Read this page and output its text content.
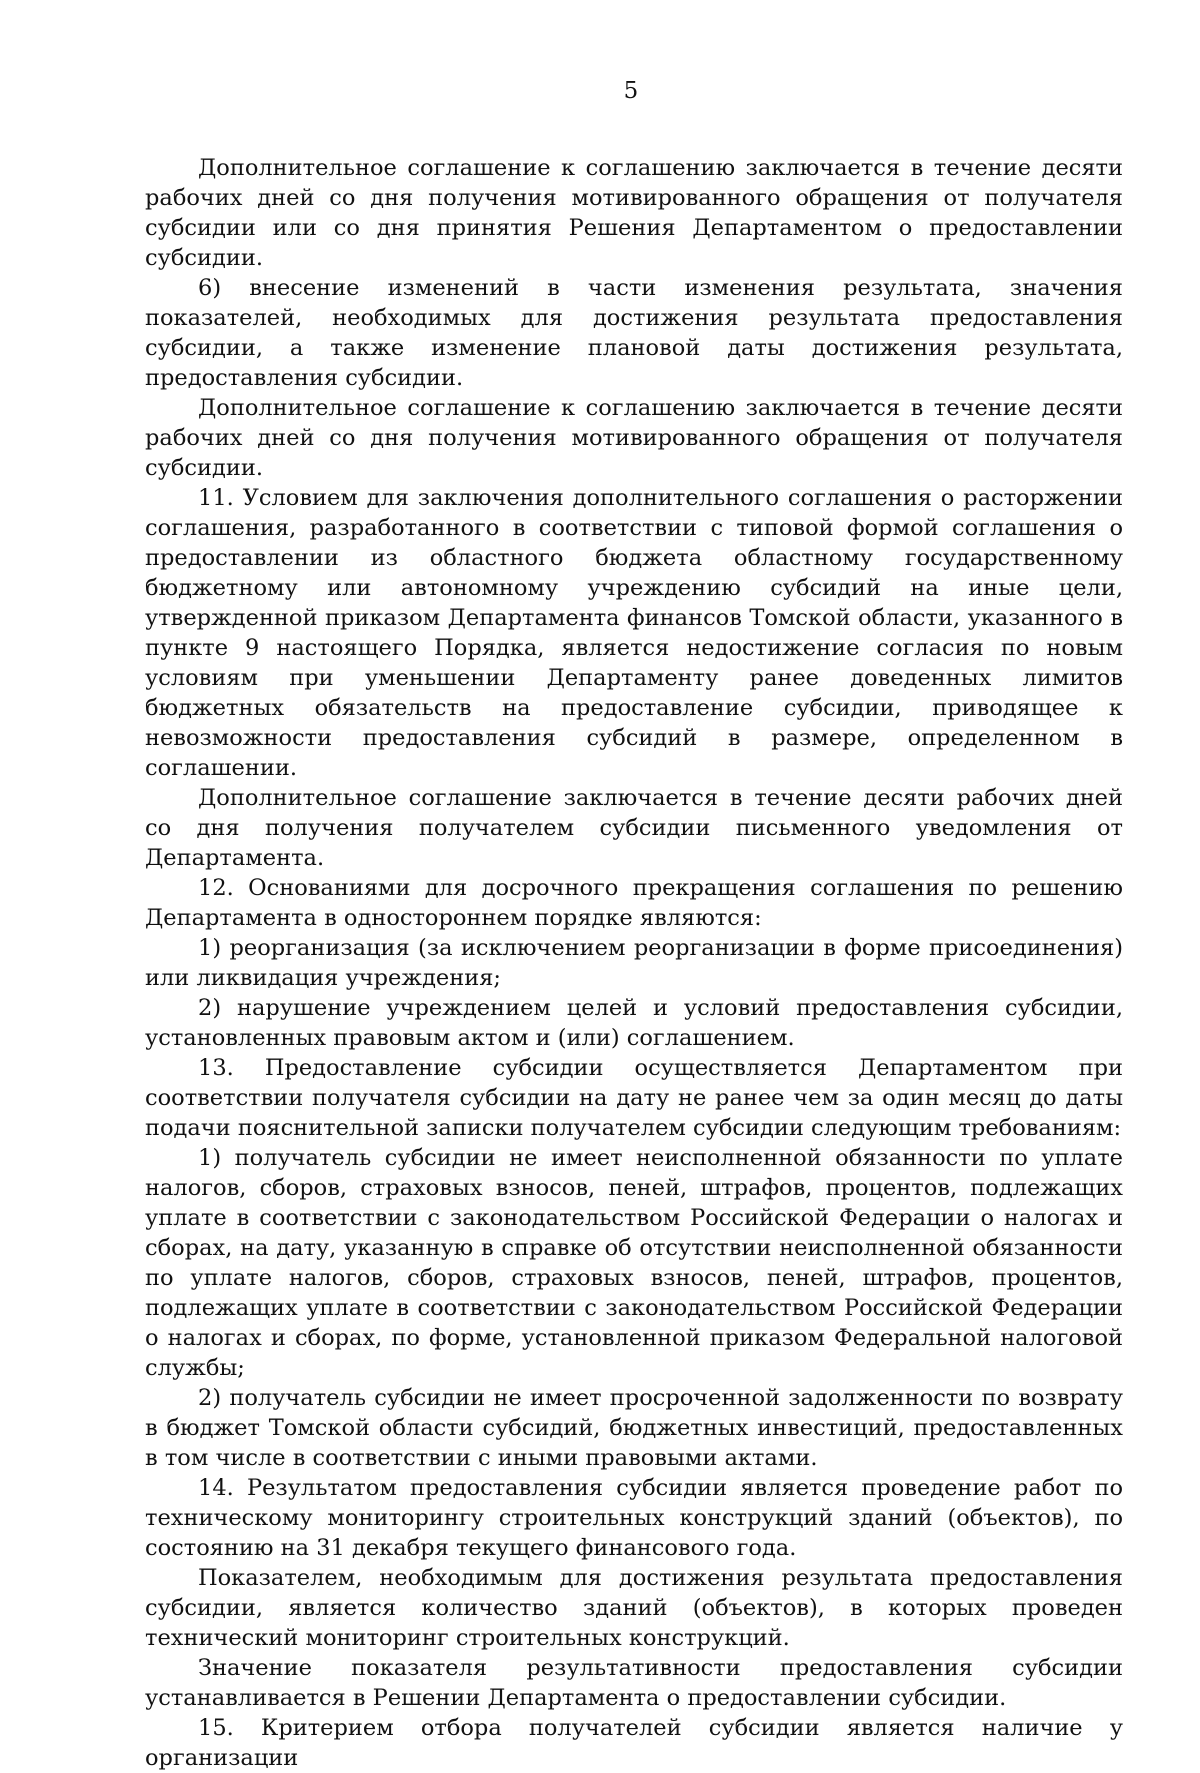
5

Дополнительное соглашение к соглашению заключается в течение десяти рабочих дней со дня получения мотивированного обращения от получателя субсидии или со дня принятия Решения Департаментом о предоставлении субсидии.

6) внесение изменений в части изменения результата, значения показателей, необходимых для достижения результата предоставления субсидии, а также изменение плановой даты достижения результата, предоставления субсидии.

Дополнительное соглашение к соглашению заключается в течение десяти рабочих дней со дня получения мотивированного обращения от получателя субсидии.

11. Условием для заключения дополнительного соглашения о расторжении соглашения, разработанного в соответствии с типовой формой соглашения о предоставлении из областного бюджета областному государственному бюджетному или автономному учреждению субсидий на иные цели, утвержденной приказом Департамента финансов Томской области, указанного в пункте 9 настоящего Порядка, является недостижение согласия по новым условиям при уменьшении Департаменту ранее доведенных лимитов бюджетных обязательств на предоставление субсидии, приводящее к невозможности предоставления субсидий в размере, определенном в соглашении.

Дополнительное соглашение заключается в течение десяти рабочих дней со дня получения получателем субсидии письменного уведомления от Департамента.

12. Основаниями для досрочного прекращения соглашения по решению Департамента в одностороннем порядке являются:

1) реорганизация (за исключением реорганизации в форме присоединения) или ликвидация учреждения;

2) нарушение учреждением целей и условий предоставления субсидии, установленных правовым актом и (или) соглашением.

13. Предоставление субсидии осуществляется Департаментом при соответствии получателя субсидии на дату не ранее чем за один месяц до даты подачи пояснительной записки получателем субсидии следующим требованиям:

1) получатель субсидии не имеет неисполненной обязанности по уплате налогов, сборов, страховых взносов, пеней, штрафов, процентов, подлежащих уплате в соответствии с законодательством Российской Федерации о налогах и сборах, на дату, указанную в справке об отсутствии неисполненной обязанности по уплате налогов, сборов, страховых взносов, пеней, штрафов, процентов, подлежащих уплате в соответствии с законодательством Российской Федерации о налогах и сборах, по форме, установленной приказом Федеральной налоговой службы;

2) получатель субсидии не имеет просроченной задолженности по возврату в бюджет Томской области субсидий, бюджетных инвестиций, предоставленных в том числе в соответствии с иными правовыми актами.

14. Результатом предоставления субсидии является проведение работ по техническому мониторингу строительных конструкций зданий (объектов), по состоянию на 31 декабря текущего финансового года.

Показателем, необходимым для достижения результата предоставления субсидии, является количество зданий (объектов), в которых проведен технический мониторинг строительных конструкций.

Значение показателя результативности предоставления субсидии устанавливается в Решении Департамента о предоставлении субсидии.

15. Критерием отбора получателей субсидии является наличие у организации
